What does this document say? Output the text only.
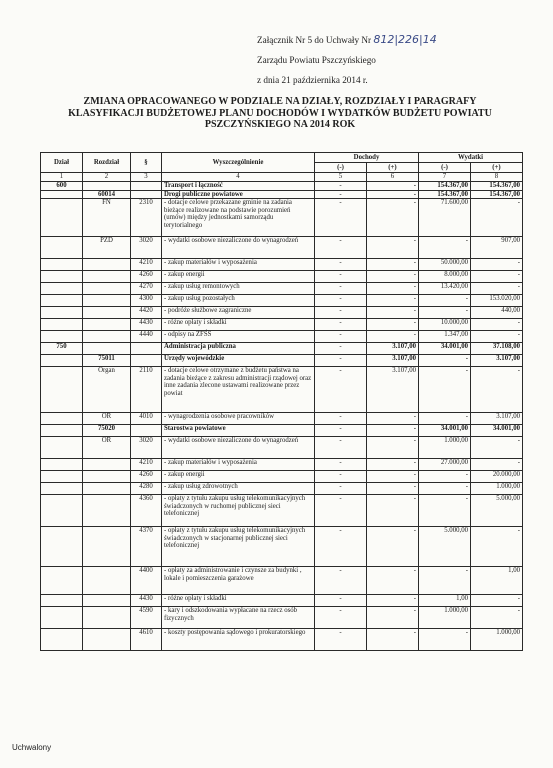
Załącznik Nr 5 do Uchwały Nr 812|226|14
Zarządu Powiatu Pszczyńskiego
z dnia 21 października 2014 r.
ZMIANA OPRACOWANEGO W PODZIALE NA DZIAŁY, ROZDZIAŁY I PARAGRAFY
KLASYFIKACJI BUDŻETOWEJ PLANU DOCHODÓW I WYDATKÓW BUDŻETU POWIATU
PSZCZYŃSKIEGO NA 2014 ROK
Dział	Rozdział	§	Wyszczególnienie	Dochody		Wydatki	
				(-)	(+)	(-)	(+)
1	2	3	4	5	6	7	8
600			Transport i łączność	-	-	154.367,00	154.367,00
	60014		Drogi publiczne powiatowe	-	-	154.367,00	154.367,00
	FN	2310	- dotacje celowe przekazane gminie na zadania bieżące realizowane na podstawie porozumień (umów) między jednostkami samorządu terytorialnego	-	-	71.600,00	-
	PZD	3020	- wydatki osobowe niezaliczone do wynagrodzeń	-	-	-	907,00
		4210	- zakup materiałów i wyposażenia	-	-	50.000,00	-
		4260	- zakup energii	-	-	8.000,00	-
		4270	- zakup usług remontowych	-	-	13.420,00	-
		4300	- zakup usług pozostałych	-	-	-	153.020,00
		4420	- podróże służbowe zagraniczne	-	-	-	440,00
		4430	- różne opłaty i składki	-	-	10.000,00	-
		4440	- odpisy na ZFŚS	-	-	1.347,00	-
750			Administracja publiczna	-	3.107,00	34.001,00	37.108,00
	75011		Urzędy wojewódzkie	-	3.107,00	-	3.107,00
	Organ	2110	- dotacje celowe otrzymane z budżetu państwa na zadania bieżące z zakresu administracji rządowej oraz inne zadania zlecone ustawami realizowane przez powiat	-	3.107,00	-	-
	OR	4010	- wynagrodzenia osobowe pracowników	-	-	-	3.107,00
	75020		Starostwa powiatowe	-	-	34.001,00	34.001,00
	OR	3020	- wydatki osobowe niezaliczone do wynagrodzeń	-	-	1.000,00	-
		4210	- zakup materiałów i wyposażenia	-	-	27.000,00	-
		4260	- zakup energii	-	-	-	20.000,00
		4280	- zakup usług zdrowotnych	-	-	-	1.000,00
		4360	- opłaty z tytułu zakupu usług telekomunikacyjnych świadczonych w ruchomej publicznej sieci telefonicznej	-	-	-	5.000,00
		4370	- opłaty z tytułu zakupu usług telekomunikacyjnych świadczonych w stacjonarnej publicznej sieci telefonicznej	-	-	5.000,00	-
		4400	- opłaty za administrowanie i czynsze za budynki , lokale i pomieszczenia garażowe	-	-	-	1,00
		4430	- różne opłaty i składki	-	-	1,00	-
		4590	- kary i odszkodowania wypłacane na rzecz osób fizycznych	-	-	1.000,00	-
		4610	- koszty postępowania sądowego i prokuratorskiego	-	-	-	1.000,00
Uchwalony
